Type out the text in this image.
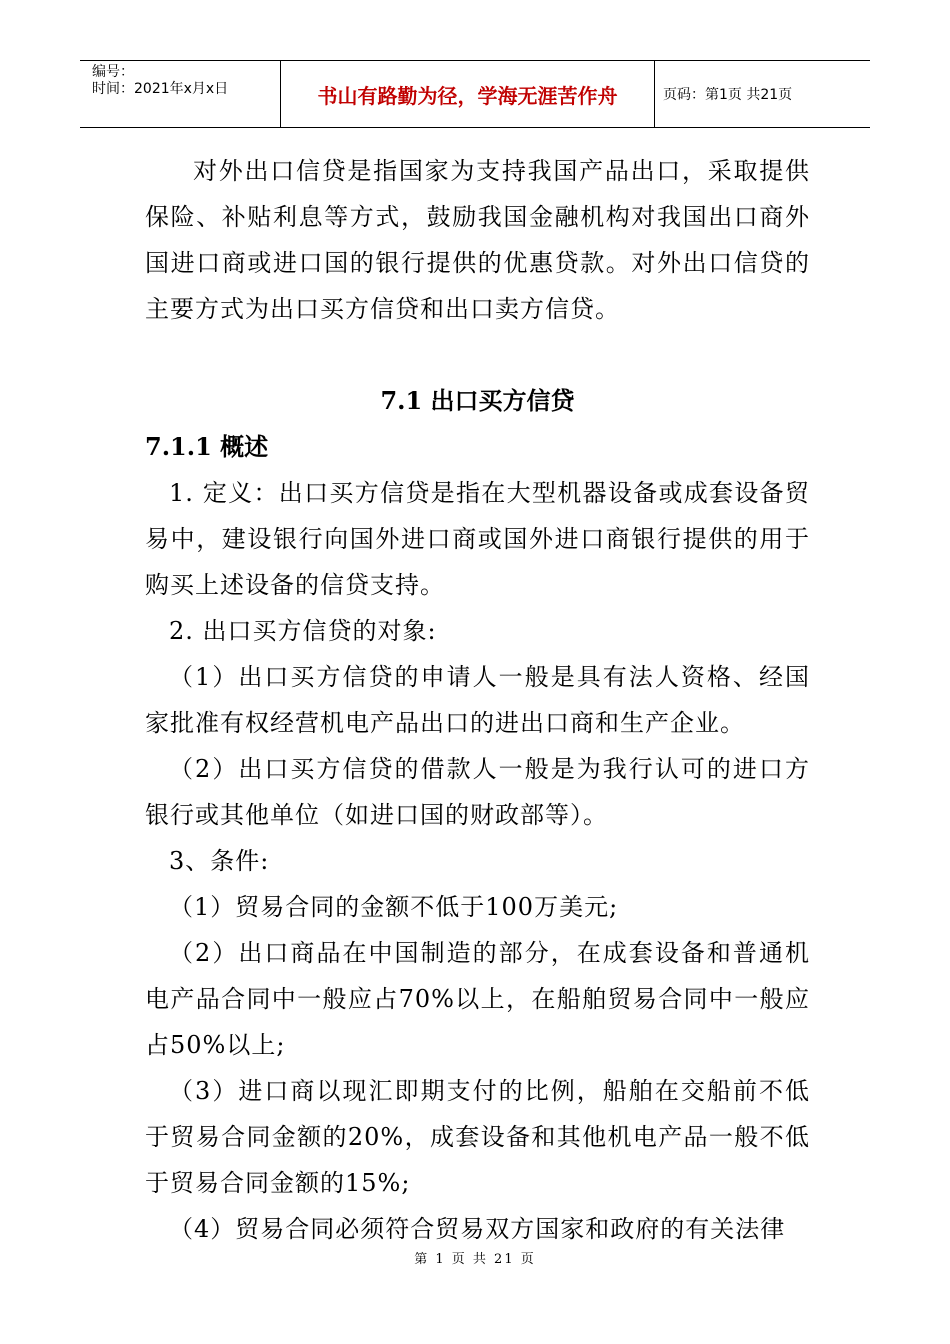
编号：
时间：2021年x月x日	书山有路勤为径，学海无涯苦作舟	页码：第1页 共21页

对外出口信贷是指国家为支持我国产品出口，采取提供保险、补贴利息等方式，鼓励我国金融机构对我国出口商外国进口商或进口国的银行提供的优惠贷款。对外出口信贷的主要方式为出口买方信贷和出口卖方信贷。

7.1 出口买方信贷
7.1.1 概述

1. 定义：出口买方信贷是指在大型机器设备或成套设备贸易中，建设银行向国外进口商或国外进口商银行提供的用于购买上述设备的信贷支持。

2. 出口买方信贷的对象:

（1）出口买方信贷的申请人一般是具有法人资格、经国家批准有权经营机电产品出口的进出口商和生产企业。

（2）出口买方信贷的借款人一般是为我行认可的进口方银行或其他单位（如进口国的财政部等）。

3、条件:

（1）贸易合同的金额不低于100万美元;

（2）出口商品在中国制造的部分，在成套设备和普通机电产品合同中一般应占70%以上，在船舶贸易合同中一般应占50%以上;

（3）进口商以现汇即期支付的比例，船舶在交船前不低于贸易合同金额的20%，成套设备和其他机电产品一般不低于贸易合同金额的15%;

（4）贸易合同必须符合贸易双方国家和政府的有关法律

第 1 页 共 21 页
